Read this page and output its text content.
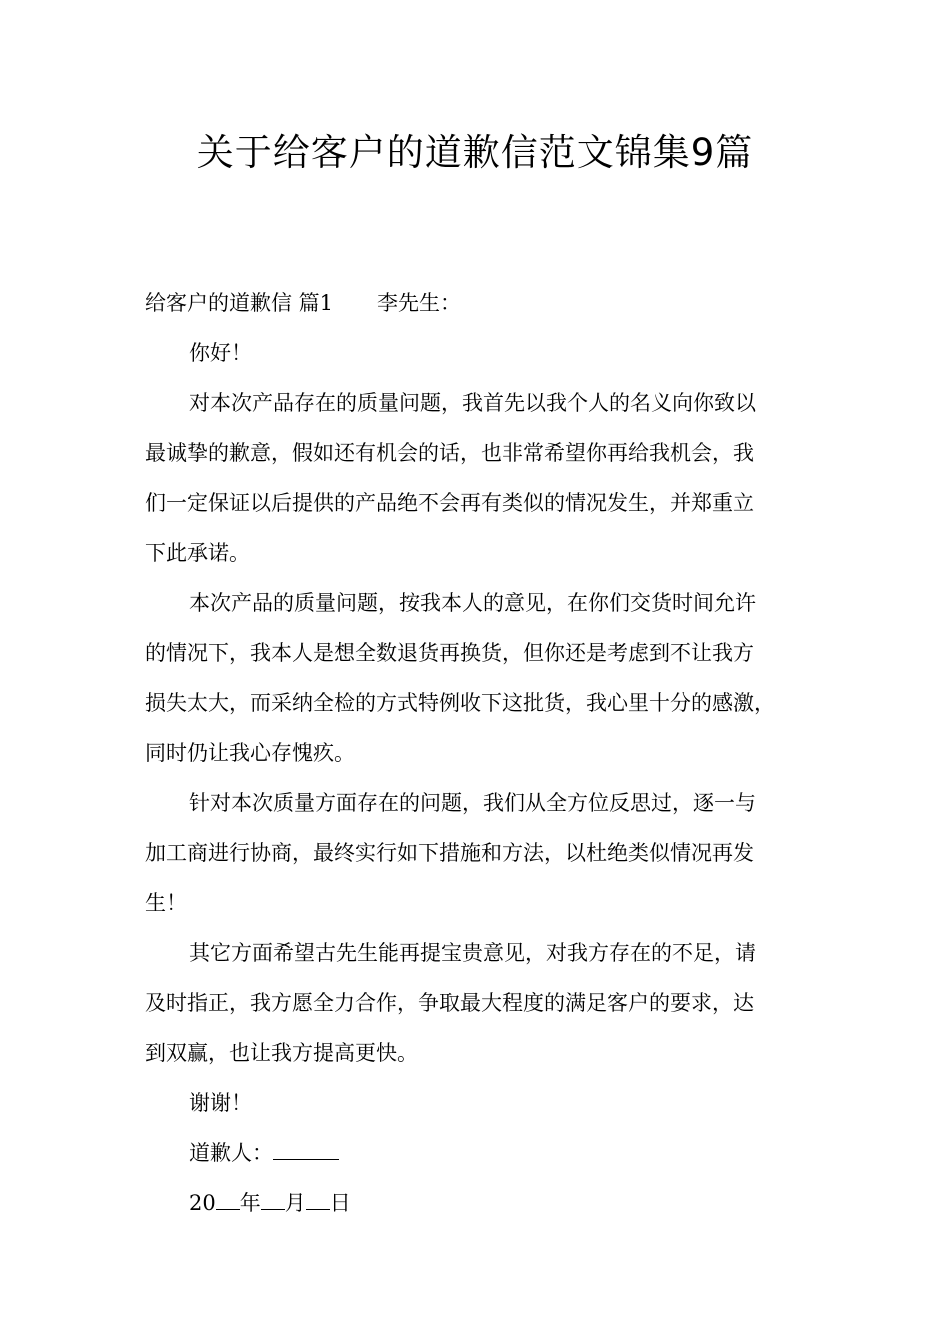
关于给客户的道歉信范文锦集9篇
给客户的道歉信 篇1 李先生：
你好！
对本次产品存在的质量问题，我首先以我个人的名义向你致以
最诚挚的歉意，假如还有机会的话，也非常希望你再给我机会，我
们一定保证以后提供的产品绝不会再有类似的情况发生，并郑重立
下此承诺。
本次产品的质量问题，按我本人的意见，在你们交货时间允许
的情况下，我本人是想全数退货再换货，但你还是考虑到不让我方
损失太大，而采纳全检的方式特例收下这批货，我心里十分的感激，
同时仍让我心存愧疚。
针对本次质量方面存在的问题，我们从全方位反思过，逐一与
加工商进行协商，最终实行如下措施和方法，以杜绝类似情况再发
生！
其它方面希望古先生能再提宝贵意见，对我方存在的不足，请
及时指正，我方愿全力合作，争取最大程度的满足客户的要求，达
到双赢，也让我方提高更快。
谢谢！
道歉人：
20 年 月 日
